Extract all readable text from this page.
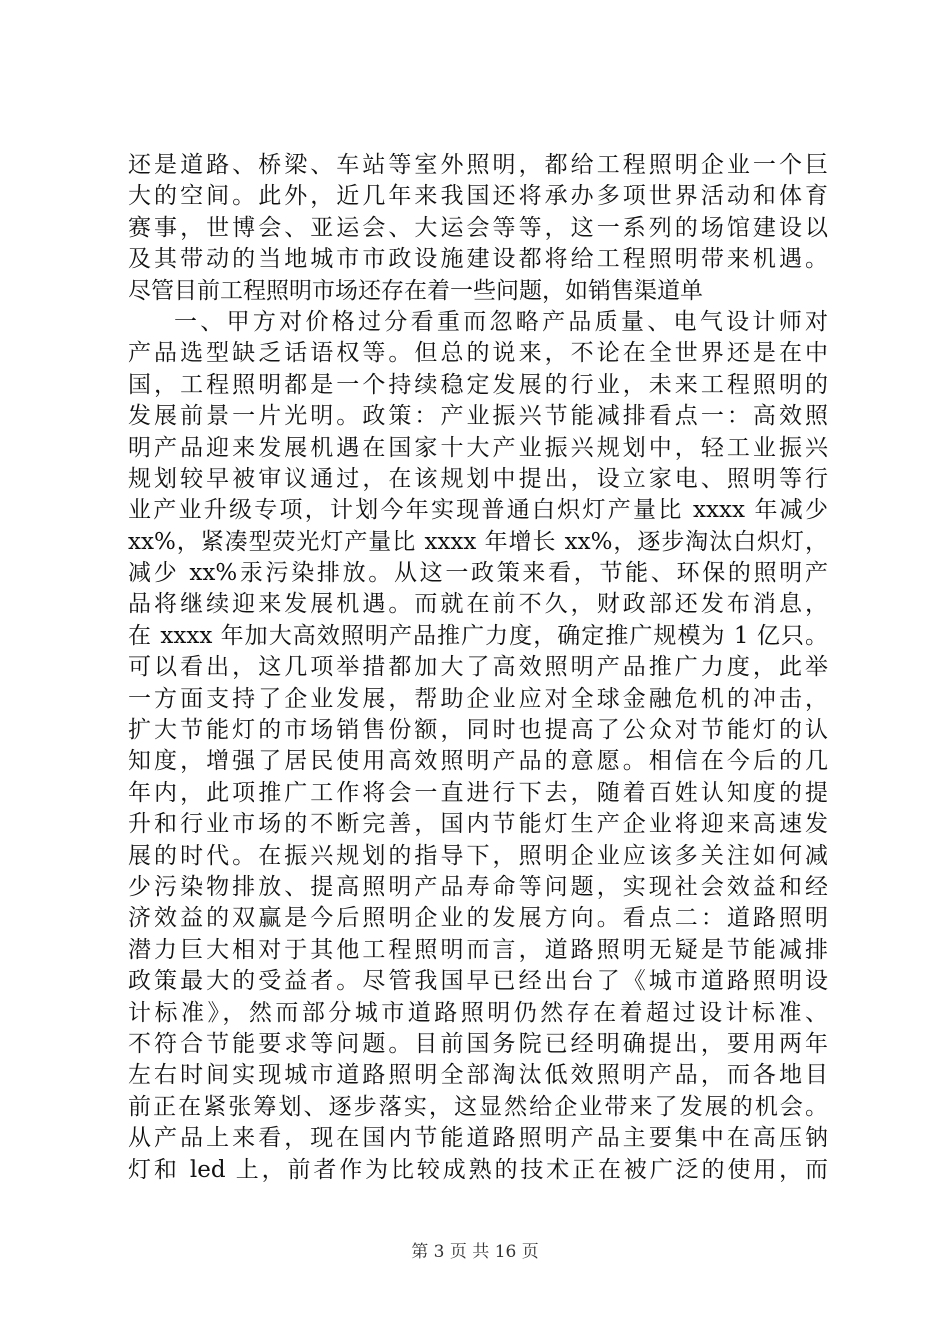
还是道路、桥梁、车站等室外照明，都给工程照明企业一个巨
大的空间。此外，近几年来我国还将承办多项世界活动和体育
赛事，世博会、亚运会、大运会等等，这一系列的场馆建设以
及其带动的当地城市市政设施建设都将给工程照明带来机遇。
尽管目前工程照明市场还存在着一些问题，如销售渠道单
一、甲方对价格过分看重而忽略产品质量、电气设计师对
产品选型缺乏话语权等。但总的说来，不论在全世界还是在中
国，工程照明都是一个持续稳定发展的行业，未来工程照明的
发展前景一片光明。政策：产业振兴节能减排看点一：高效照
明产品迎来发展机遇在国家十大产业振兴规划中，轻工业振兴
规划较早被审议通过，在该规划中提出，设立家电、照明等行
业产业升级专项，计划今年实现普通白炽灯产量比 xxxx 年减少
xx%，紧凑型荧光灯产量比 xxxx 年增长 xx%，逐步淘汰白炽灯，
减少 xx%汞污染排放。从这一政策来看，节能、环保的照明产
品将继续迎来发展机遇。而就在前不久，财政部还发布消息，
在 xxxx 年加大高效照明产品推广力度，确定推广规模为 1 亿只。
可以看出，这几项举措都加大了高效照明产品推广力度，此举
一方面支持了企业发展，帮助企业应对全球金融危机的冲击，
扩大节能灯的市场销售份额，同时也提高了公众对节能灯的认
知度，增强了居民使用高效照明产品的意愿。相信在今后的几
年内，此项推广工作将会一直进行下去，随着百姓认知度的提
升和行业市场的不断完善，国内节能灯生产企业将迎来高速发
展的时代。在振兴规划的指导下，照明企业应该多关注如何减
少污染物排放、提高照明产品寿命等问题，实现社会效益和经
济效益的双赢是今后照明企业的发展方向。看点二：道路照明
潜力巨大相对于其他工程照明而言，道路照明无疑是节能减排
政策最大的受益者。尽管我国早已经出台了《城市道路照明设
计标准》，然而部分城市道路照明仍然存在着超过设计标准、
不符合节能要求等问题。目前国务院已经明确提出，要用两年
左右时间实现城市道路照明全部淘汰低效照明产品，而各地目
前正在紧张筹划、逐步落实，这显然给企业带来了发展的机会。
从产品上来看，现在国内节能道路照明产品主要集中在高压钠
灯和 led 上，前者作为比较成熟的技术正在被广泛的使用，而
第 3 页 共 16 页
